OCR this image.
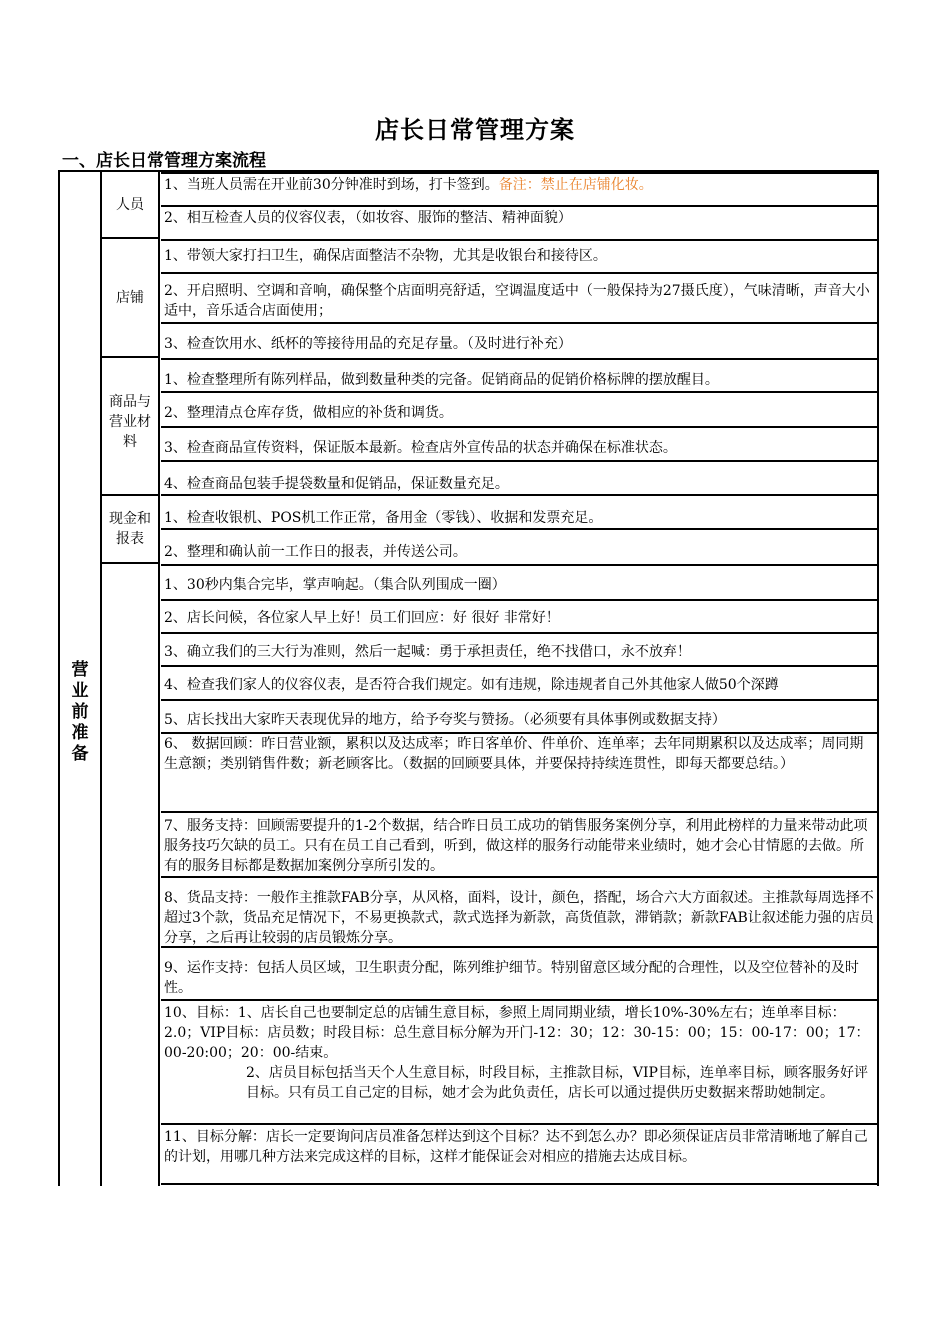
店长日常管理方案
一、店长日常管理方案流程
营
业
前
准
备
人员
店铺
商品与营业材料
现金和报表
1、当班人员需在开业前30分钟准时到场，打卡签到。备注：禁止在店铺化妆。
2、相互检查人员的仪容仪表，（如妆容、服饰的整洁、精神面貌）
1、带领大家打扫卫生，确保店面整洁不杂物，尤其是收银台和接待区。
2、开启照明、空调和音响，确保整个店面明亮舒适，空调温度适中（一般保持为27摄氏度），气味清晰，声音大小适中，音乐适合店面使用；
3、检查饮用水、纸杯的等接待用品的充足存量。（及时进行补充）
1、检查整理所有陈列样品，做到数量种类的完备。促销商品的促销价格标牌的摆放醒目。
2、整理清点仓库存货，做相应的补货和调货。
3、检查商品宣传资料，保证版本最新。检查店外宣传品的状态并确保在标准状态。
4、检查商品包装手提袋数量和促销品，保证数量充足。
1、检查收银机、POS机工作正常，备用金（零钱）、收据和发票充足。
2、整理和确认前一工作日的报表，并传送公司。
1、30秒内集合完毕，掌声响起。（集合队列围成一圈）
2、店长问候，各位家人早上好！员工们回应：好 很好 非常好！
3、确立我们的三大行为准则，然后一起喊：勇于承担责任，绝不找借口，永不放弃！
4、检查我们家人的仪容仪表，是否符合我们规定。如有违规，除违规者自己外其他家人做50个深蹲
5、店长找出大家昨天表现优异的地方，给予夸奖与赞扬。（必须要有具体事例或数据支持）
6、 数据回顾：昨日营业额，累积以及达成率；昨日客单价、件单价、连单率；去年同期累积以及达成率；周同期生意额；类别销售件数；新老顾客比。（数据的回顾要具体，并要保持持续连贯性，即每天都要总结。）
7、服务支持：回顾需要提升的1-2个数据，结合昨日员工成功的销售服务案例分享，利用此榜样的力量来带动此项服务技巧欠缺的员工。只有在员工自己看到，听到，做这样的服务行动能带来业绩时，她才会心甘情愿的去做。所有的服务目标都是数据加案例分享所引发的。
8、货品支持：一般作主推款FAB分享，从风格，面料，设计，颜色，搭配，场合六大方面叙述。主推款每周选择不超过3个款，货品充足情况下，不易更换款式，款式选择为新款，高货值款，滞销款；新款FAB让叙述能力强的店员分享，之后再让较弱的店员锻炼分享。
9、运作支持：包括人员区域，卫生职责分配，陈列维护细节。特别留意区域分配的合理性，以及空位替补的及时性。
10、目标：1、店长自己也要制定总的店铺生意目标，参照上周同期业绩，增长10%-30%左右；连单率目标：2.0；VIP目标：店员数；时段目标：总生意目标分解为开门-12：30；12：30-15：00；15：00-17：00；17：00-20:00；20：00-结束。
2、店员目标包括当天个人生意目标，时段目标，主推款目标，VIP目标，连单率目标，顾客服务好评目标。只有员工自己定的目标，她才会为此负责任，店长可以通过提供历史数据来帮助她制定。
11、目标分解：店长一定要询问店员准备怎样达到这个目标？达不到怎么办？即必须保证店员非常清晰地了解自己的计划，用哪几种方法来完成这样的目标，这样才能保证会对相应的措施去达成目标。
